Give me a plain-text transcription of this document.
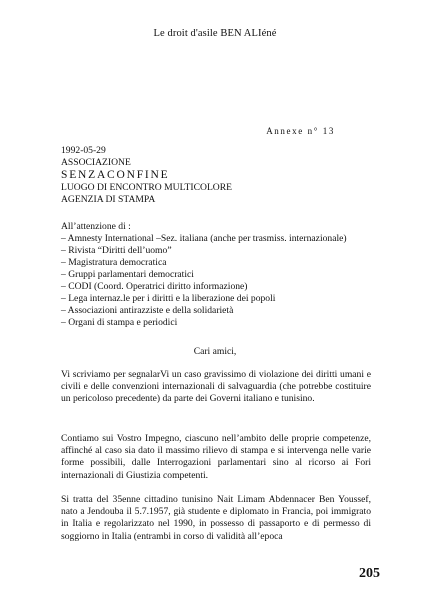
Le droit d'asile BEN ALIéné
Annexe n° 13
1992-05-29
ASSOCIAZIONE
SENZACONFINE
LUOGO DI ENCONTRO MULTICOLORE
AGENZIA DI STAMPA
All’attenzione di :
– Amnesty International –Sez. italiana (anche per trasmiss. internazionale)
– Rivista “Diritti dell’uomo”
– Magistratura democratica
– Gruppi parlamentari democratici
– CODI (Coord. Operatrici diritto informazione)
– Lega internaz.le per i diritti e la liberazione dei popoli
– Associazioni antirazziste e della solidarietà
– Organi di stampa e periodici
Cari amici,
Vi scriviamo per segnalarVi un caso gravissimo di violazione dei diritti umani e civili e delle convenzioni internazionali di salvaguardia (che potrebbe costituire un pericoloso precedente) da parte dei Governi italiano e tunisino.
Contiamo sui Vostro Impegno, ciascuno nell’ambito delle proprie competenze, affinché al caso sia dato il massimo rilievo di stampa e si intervenga nelle varie forme possibili, dalle Interrogazioni parlamentari sino al ricorso ai Fori internazionali di Giustizia competenti.
Si tratta del 35enne cittadino tunisino Nait Limam Abdennacer Ben Youssef, nato a Jendouba il 5.7.1957, già studente e diplomato in Francia, poi immigrato in Italia e regolarizzato nel 1990, in possesso di passaporto e di permesso di soggiorno in Italia (entrambi in corso di validità all’epoca
205
